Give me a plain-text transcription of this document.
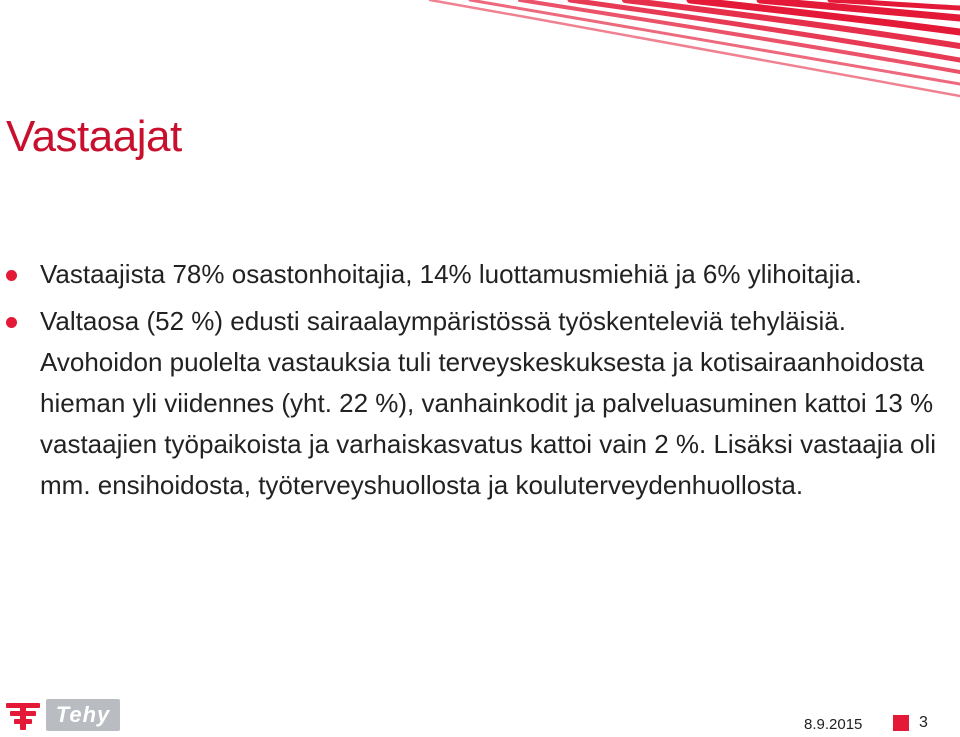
Vastaajat
Vastaajista 78% osastonhoitajia, 14% luottamusmiehiä ja 6% ylihoitajia.
Valtaosa (52 %) edusti sairaalaympäristössä työskenteleviä tehyläisiä. Avohoidon puolelta vastauksia tuli terveyskeskuksesta ja kotisairaanhoidosta hieman yli viidennes (yht. 22 %), vanhainkodit ja palveluasuminen kattoi 13 % vastaajien työpaikoista ja varhaiskasvatus kattoi vain 2 %. Lisäksi vastaajia oli mm. ensihoidosta, työterveyshuollosta ja kouluterveydenhuollosta.
Tehy	8.9.2015	3
